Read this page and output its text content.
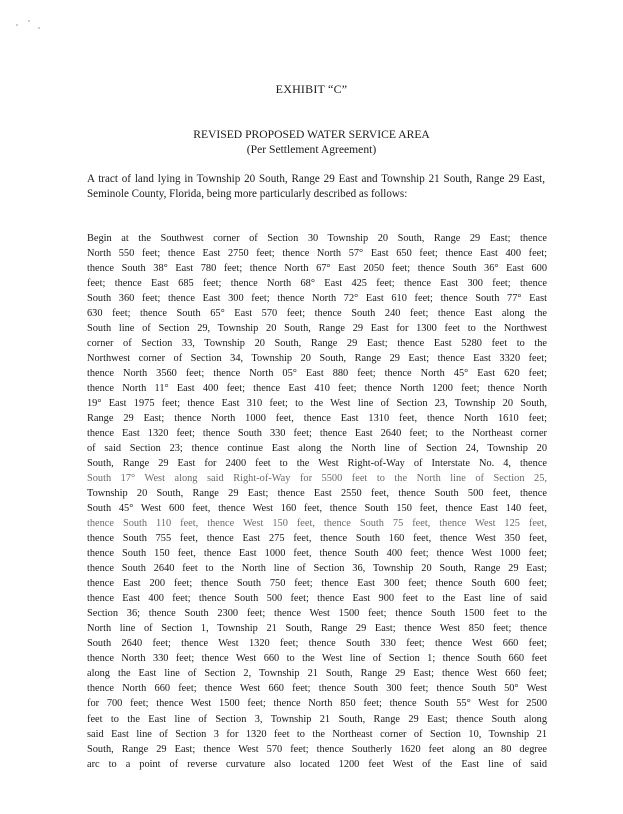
EXHIBIT “C”
REVISED PROPOSED WATER SERVICE AREA
(Per Settlement Agreement)
A tract of land lying in Township 20 South, Range 29 East and Township 21 South, Range 29 East, Seminole County, Florida, being more particularly described as follows:
Begin at the Southwest corner of Section 30 Township 20 South, Range 29 East; thence
North 550 feet; thence East 2750 feet; thence North 57° East 650 feet; thence East 400 feet;
thence South 38° East 780 feet; thence North 67° East 2050 feet; thence South 36° East 600
feet; thence East 685 feet; thence North 68° East 425 feet; thence East 300 feet; thence
South 360 feet; thence East 300 feet; thence North 72° East 610 feet; thence South 77° East
630 feet; thence South 65° East 570 feet; thence South 240 feet; thence East along the
South line of Section 29, Township 20 South, Range 29 East for 1300 feet to the Northwest
corner of Section 33, Township 20 South, Range 29 East; thence East 5280 feet to the
Northwest corner of Section 34, Township 20 South, Range 29 East; thence East 3320 feet;
thence North 3560 feet; thence North 05° East 880 feet; thence North 45° East 620 feet;
thence North 11° East 400 feet; thence East 410 feet; thence North 1200 feet; thence North
19° East 1975 feet; thence East 310 feet; to the West line of Section 23, Township 20 South,
Range 29 East; thence North 1000 feet, thence East 1310 feet, thence North 1610 feet;
thence East 1320 feet; thence South 330 feet; thence East 2640 feet; to the Northeast corner
of said Section 23; thence continue East along the North line of Section 24, Township 20
South, Range 29 East for 2400 feet to the West Right-of-Way of Interstate No. 4, thence
South 17° West along said Right-of-Way for 5500 feet to the North line of Section 25,
Township 20 South, Range 29 East; thence East 2550 feet, thence South 500 feet, thence
South 45° West 600 feet, thence West 160 feet, thence South 150 feet, thence East 140 feet,
thence South 110 feet, thence West 150 feet, thence South 75 feet, thence West 125 feet,
thence South 755 feet, thence East 275 feet, thence South 160 feet, thence West 350 feet,
thence South 150 feet, thence East 1000 feet, thence South 400 feet; thence West 1000 feet;
thence South 2640 feet to the North line of Section 36, Township 20 South, Range 29 East;
thence East 200 feet; thence South 750 feet; thence East 300 feet; thence South 600 feet;
thence East 400 feet; thence South 500 feet; thence East 900 feet to the East line of said
Section 36; thence South 2300 feet; thence West 1500 feet; thence South 1500 feet to the
North line of Section 1, Township 21 South, Range 29 East; thence West 850 feet; thence
South 2640 feet; thence West 1320 feet; thence South 330 feet; thence West 660 feet;
thence North 330 feet; thence West 660 to the West line of Section 1; thence South 660 feet
along the East line of Section 2, Township 21 South, Range 29 East; thence West 660 feet;
thence North 660 feet; thence West 660 feet; thence South 300 feet; thence South 50° West
for 700 feet; thence West 1500 feet; thence North 850 feet; thence South 55° West for 2500
feet to the East line of Section 3, Township 21 South, Range 29 East; thence South along
said East line of Section 3 for 1320 feet to the Northeast corner of Section 10, Township 21
South, Range 29 East; thence West 570 feet; thence Southerly 1620 feet along an 80 degree
arc to a point of reverse curvature also located 1200 feet West of the East line of said
